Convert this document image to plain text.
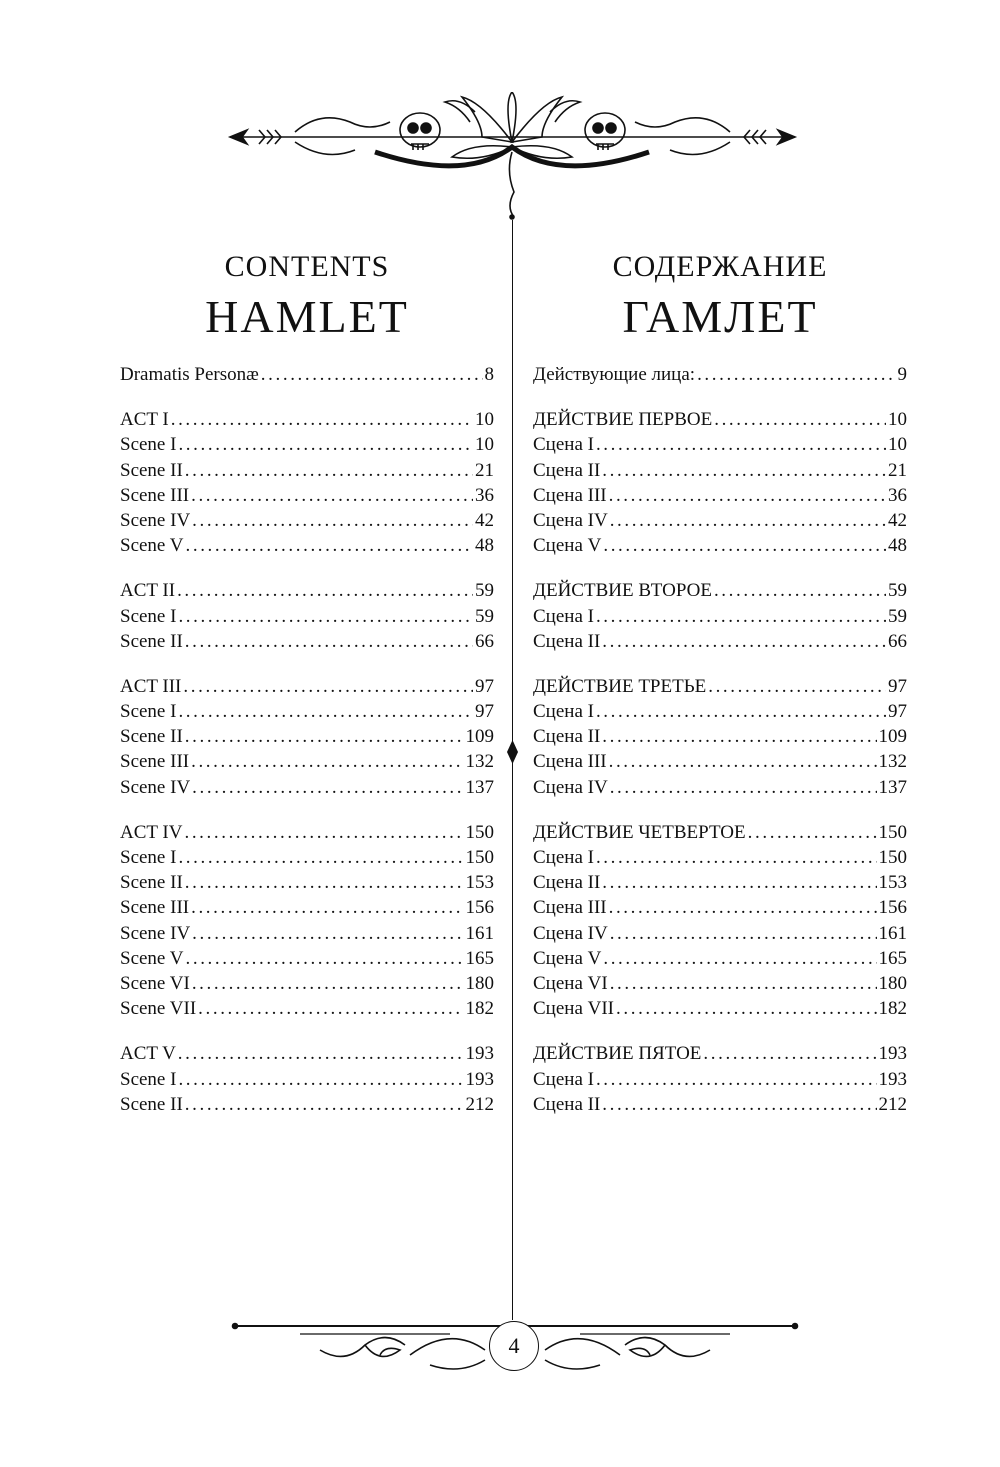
4
CONTENTS
HAMLET
Dramatis Personæ .....	8
ACT I .....	10
Scene I .....	10
Scene II .....	21
Scene III .....	36
Scene IV .....	42
Scene V .....	48
ACT II .....	59
Scene I .....	59
Scene II .....	66
ACT III .....	97
Scene I .....	97
Scene II .....	109
Scene III .....	132
Scene IV .....	137
ACT IV .....	150
Scene I .....	150
Scene II .....	153
Scene III .....	156
Scene IV .....	161
Scene V .....	165
Scene VI .....	180
Scene VII .....	182
ACT V .....	193
Scene I .....	193
Scene II .....	212
СОДЕРЖАНИЕ
ГАМЛЕТ
Действующие лица: .....	9
ДЕЙСТВИЕ ПЕРВОЕ .....	10
Сцена I .....	10
Сцена II .....	21
Сцена III .....	36
Сцена IV .....	42
Сцена V .....	48
ДЕЙСТВИЕ ВТОРОЕ .....	59
Сцена I .....	59
Сцена II .....	66
ДЕЙСТВИЕ ТРЕТЬЕ .....	97
Сцена I .....	97
Сцена II .....	109
Сцена III .....	132
Сцена IV .....	137
ДЕЙСТВИЕ ЧЕТВЕРТОЕ .....	150
Сцена I .....	150
Сцена II .....	153
Сцена III .....	156
Сцена IV .....	161
Сцена V .....	165
Сцена VI .....	180
Сцена VII .....	182
ДЕЙСТВИЕ ПЯТОЕ .....	193
Сцена I .....	193
Сцена II .....	212
